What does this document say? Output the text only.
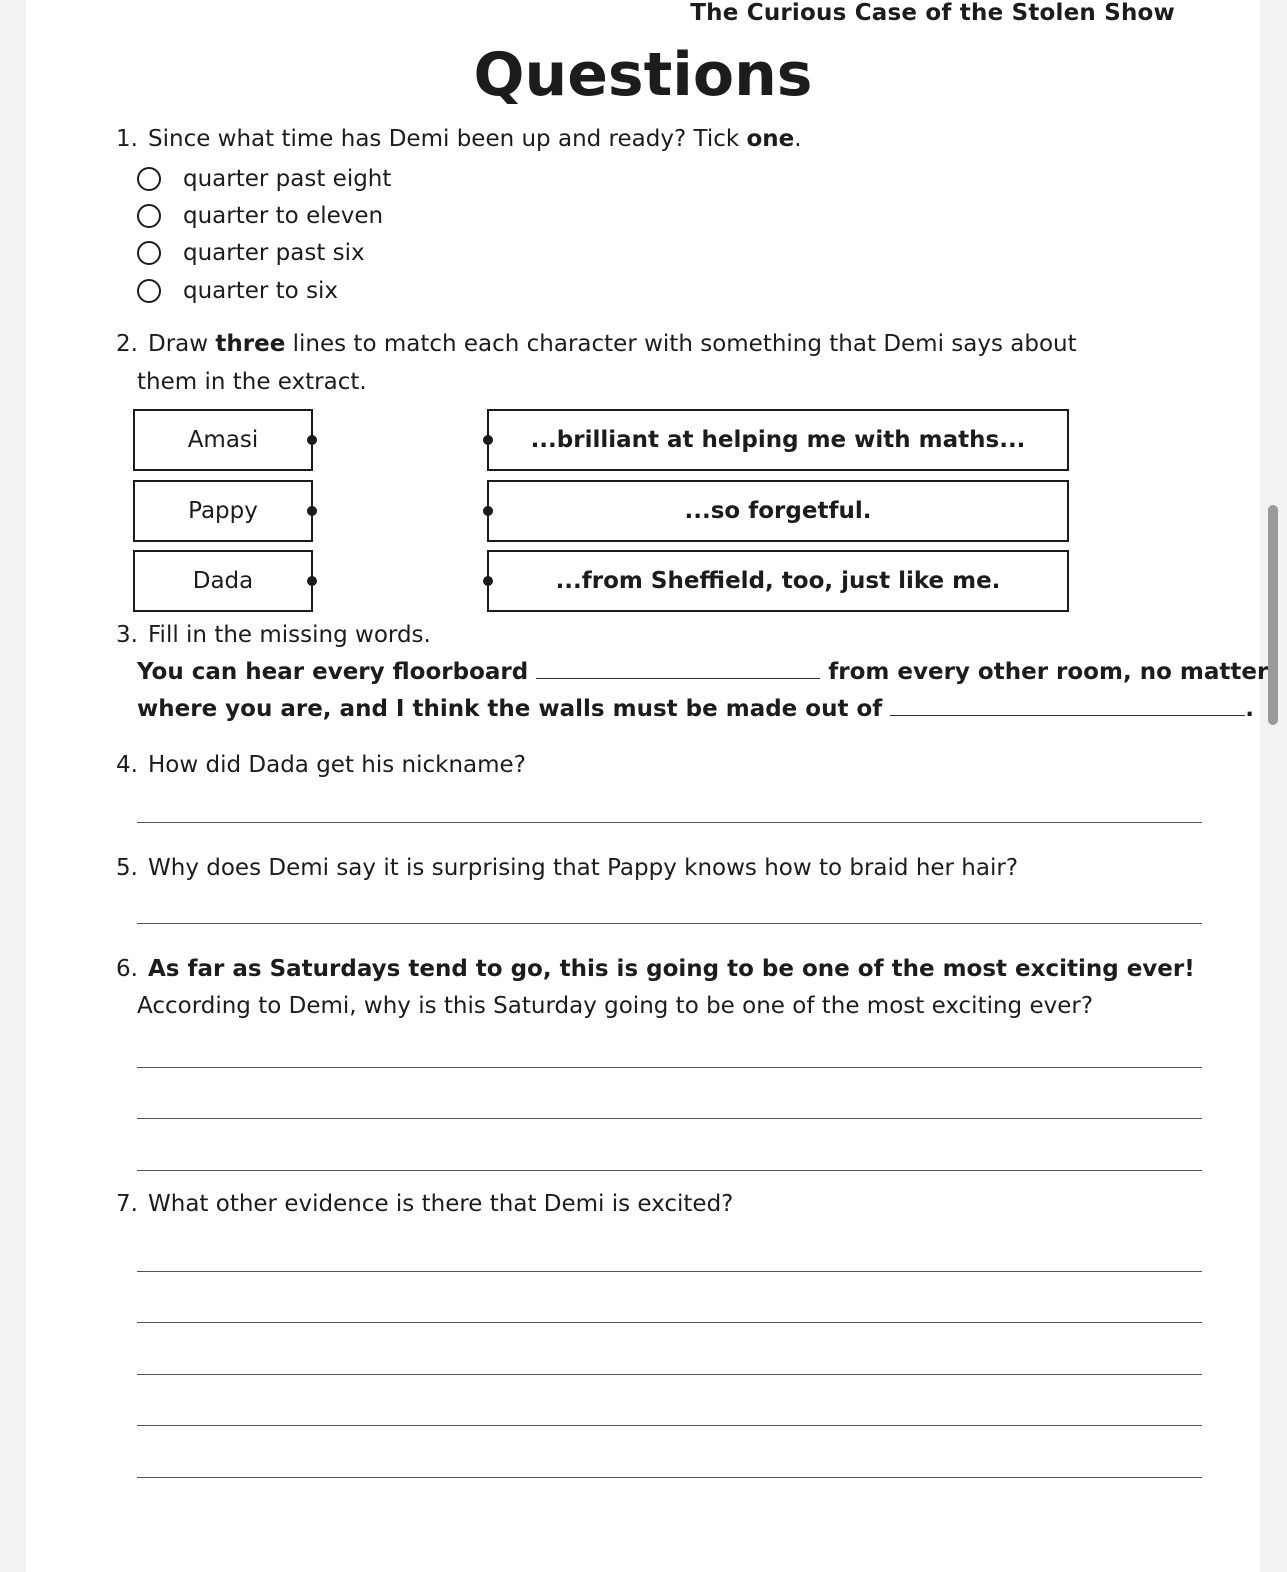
The Curious Case of the Stolen Show
Questions
1. Since what time has Demi been up and ready? Tick one.
quarter past eight
quarter to eleven
quarter past six
quarter to six
2. Draw three lines to match each character with something that Demi says about
them in the extract.
Amasi
Pappy
Dada
...brilliant at helping me with maths...
...so forgetful.
...from Sheffield, too, just like me.
3. Fill in the missing words.
You can hear every floorboard	from every other room, no matter
where you are, and I think the walls must be made out of	.
4. How did Dada get his nickname?
5. Why does Demi say it is surprising that Pappy knows how to braid her hair?
6. As far as Saturdays tend to go, this is going to be one of the most exciting ever!
According to Demi, why is this Saturday going to be one of the most exciting ever?
7. What other evidence is there that Demi is excited?
